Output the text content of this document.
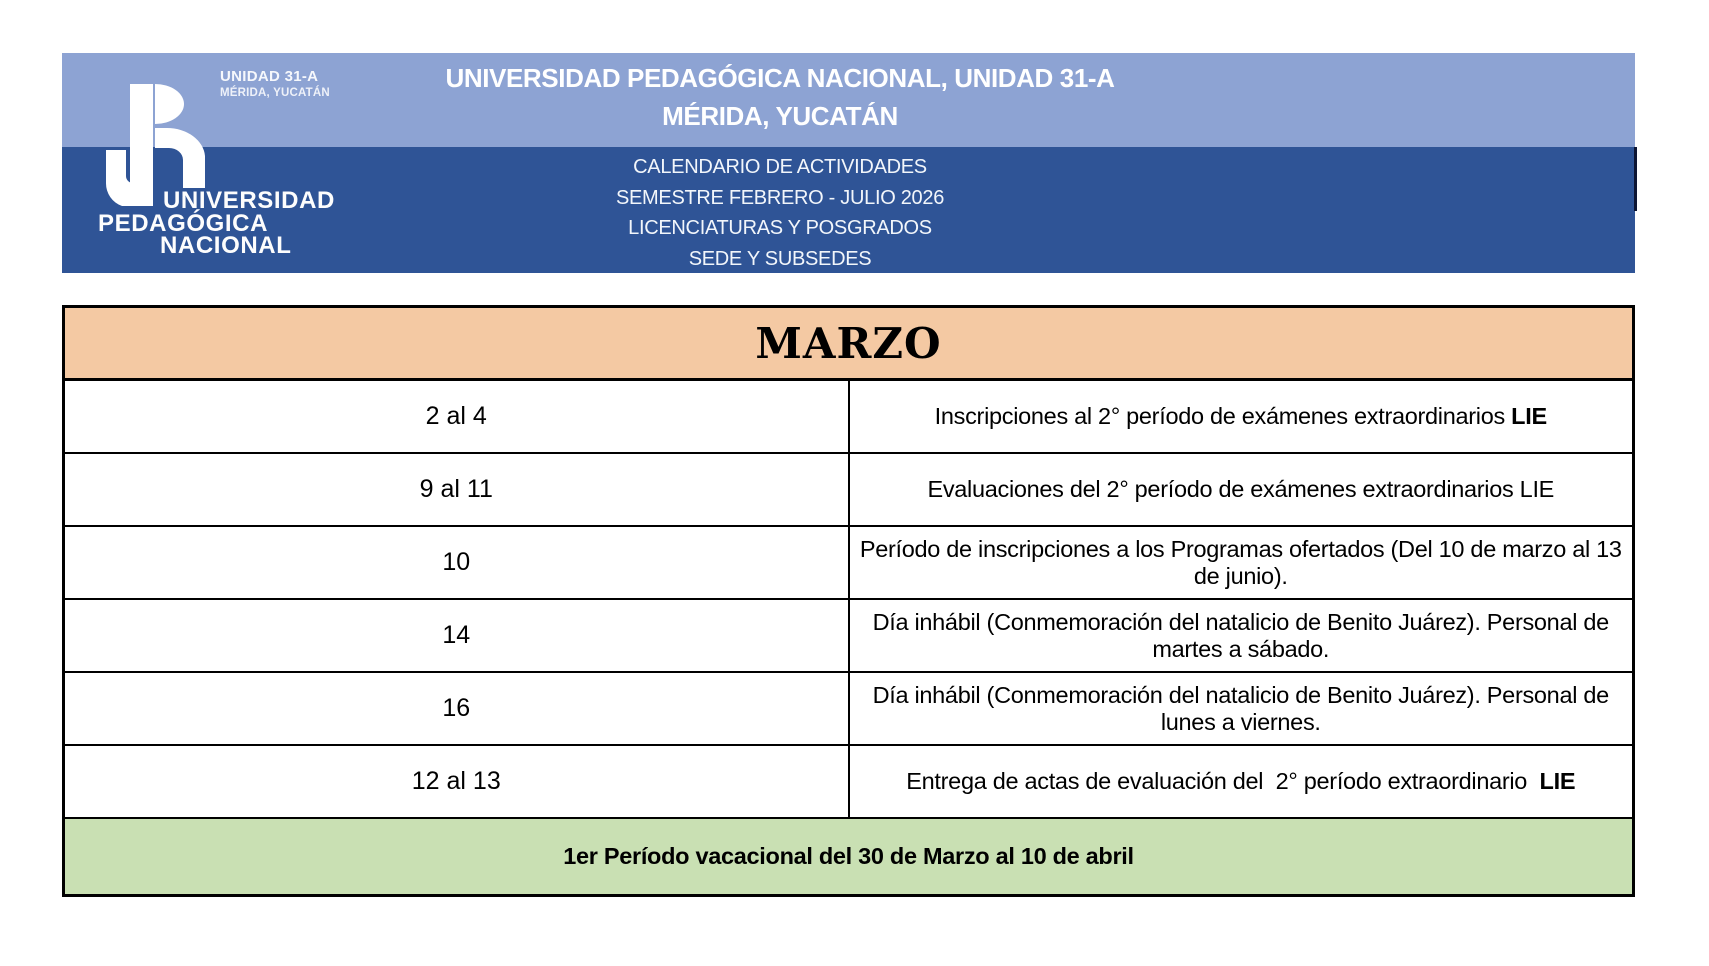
UNIDAD 31-A
MÉRIDA, YUCATÁN
UNIVERSIDAD
PEDAGÓGICA
NACIONAL
UNIVERSIDAD PEDAGÓGICA NACIONAL, UNIDAD 31-A
MÉRIDA, YUCATÁN
CALENDARIO DE ACTIVIDADES
SEMESTRE FEBRERO - JULIO 2026
LICENCIATURAS Y POSGRADOS
SEDE Y SUBSEDES
MARZO	
2 al 4	Inscripciones al 2° período de exámenes extraordinarios LIE
9 al 11	Evaluaciones del 2° período de exámenes extraordinarios LIE
10	Período de inscripciones a los Programas ofertados (Del 10 de marzo al 13 de junio).
14	Día inhábil (Conmemoración del natalicio de Benito Juárez). Personal de martes a sábado.
16	Día inhábil (Conmemoración del natalicio de Benito Juárez). Personal de lunes a viernes.
12 al 13	Entrega de actas de evaluación del  2° período extraordinario  LIE
1er Período vacacional del 30 de Marzo al 10 de abril	
